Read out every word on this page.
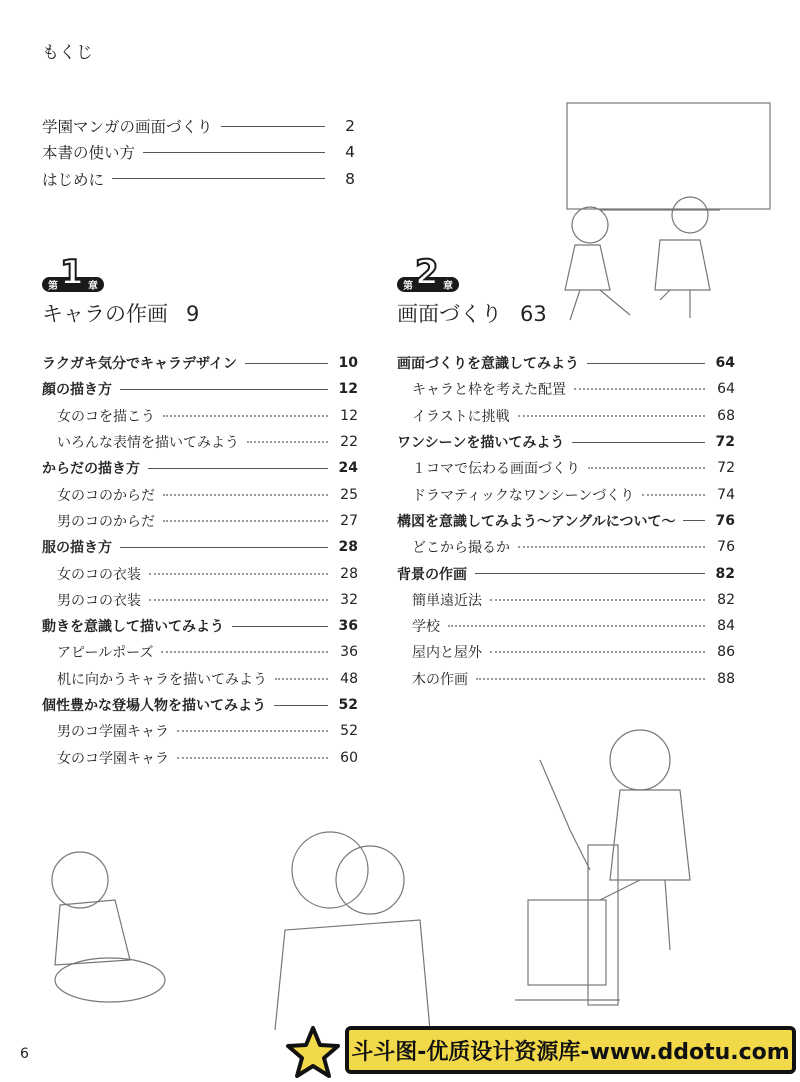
もくじ
学園マンガの画面づくり	2
本書の使い方	4
はじめに	8
第 1 章
キャラの作画 9
ラクガキ気分でキャラデザイン	10
顔の描き方	12
女のコを描こう	12
いろんな表情を描いてみよう	22
からだの描き方	24
女のコのからだ	25
男のコのからだ	27
服の描き方	28
女のコの衣装	28
男のコの衣装	32
動きを意識して描いてみよう	36
アピールポーズ	36
机に向かうキャラを描いてみよう	48
個性豊かな登場人物を描いてみよう	52
男のコ学園キャラ	52
女のコ学園キャラ	60
第 2 章
画面づくり 63
画面づくりを意識してみよう	64
キャラと枠を考えた配置	64
イラストに挑戦	68
ワンシーンを描いてみよう	72
１コマで伝わる画面づくり	72
ドラマティックなワンシーンづくり	74
構図を意識してみよう～アングルについて～	76
どこから撮るか	76
背景の作画	82
簡単遠近法	82
学校	84
屋内と屋外	86
木の作画	88
6	斗斗图-优质设计资源库-www.ddotu.com
